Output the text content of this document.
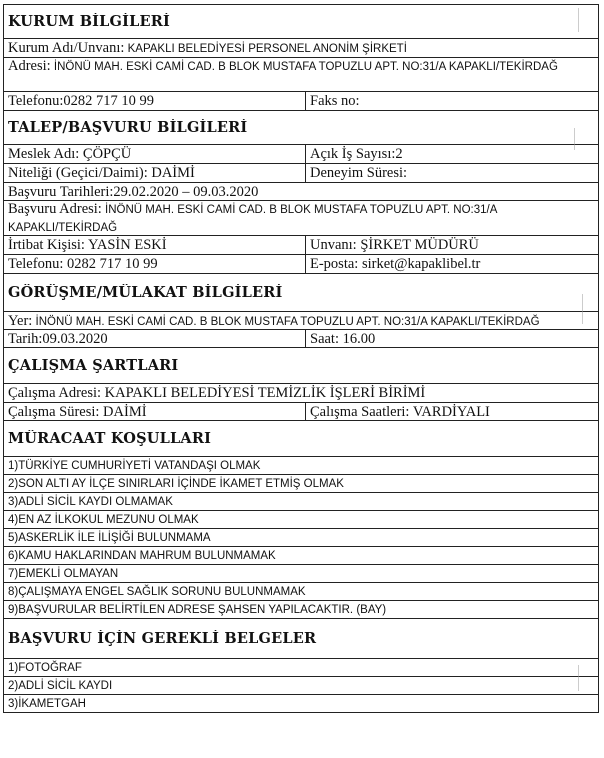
KURUM BİLGİLERİ
Kurum Adı/Unvanı: KAPAKLI BELEDİYESİ PERSONEL ANONİM ŞİRKETİ
Adresi: İNÖNÜ MAH. ESKİ CAMİ CAD. B BLOK MUSTAFA TOPUZLU APT. NO:31/A KAPAKLI/TEKİRDAĞ
Telefonu:0282 717 10 99	Faks no:
TALEP/BAŞVURU BİLGİLERİ
Meslek Adı: ÇÖPÇÜ	Açık İş Sayısı:2
Niteliği (Geçici/Daimi): DAİMİ	Deneyim Süresi:
Başvuru Tarihleri:29.02.2020 – 09.03.2020
Başvuru Adresi: İNÖNÜ MAH. ESKİ CAMİ CAD. B BLOK MUSTAFA TOPUZLU APT. NO:31/A KAPAKLI/TEKİRDAĞ
İrtibat Kişisi: YASİN ESKİ	Unvanı: ŞİRKET MÜDÜRÜ
Telefonu: 0282 717 10 99	E-posta: sirket@kapaklibel.tr
GÖRÜŞME/MÜLAKAT BİLGİLERİ
Yer: İNÖNÜ MAH. ESKİ CAMİ CAD. B BLOK MUSTAFA TOPUZLU APT. NO:31/A KAPAKLI/TEKİRDAĞ
Tarih:09.03.2020	Saat: 16.00
ÇALIŞMA ŞARTLARI
Çalışma Adresi: KAPAKLI BELEDİYESİ TEMİZLİK İŞLERİ BİRİMİ
Çalışma Süresi: DAİMİ	Çalışma Saatleri: VARDİYALI
MÜRACAAT KOŞULLARI
1)TÜRKİYE CUMHURİYETİ VATANDAŞI OLMAK
2)SON ALTI AY İLÇE SINIRLARI İÇİNDE İKAMET ETMİŞ OLMAK
3)ADLİ SİCİL KAYDI OLMAMAK
4)EN AZ İLKOKUL MEZUNU OLMAK
5)ASKERLİK İLE İLİŞİĞİ BULUNMAMA
6)KAMU HAKLARINDAN MAHRUM BULUNMAMAK
7)EMEKLİ OLMAYAN
8)ÇALIŞMAYA ENGEL SAĞLIK SORUNU BULUNMAMAK
9)BAŞVURULAR BELİRTİLEN ADRESE ŞAHSEN YAPILACAKTIR. (BAY)
BAŞVURU İÇİN GEREKLİ BELGELER
1)FOTOĞRAF
2)ADLİ SİCİL KAYDI
3)İKAMETGAH
